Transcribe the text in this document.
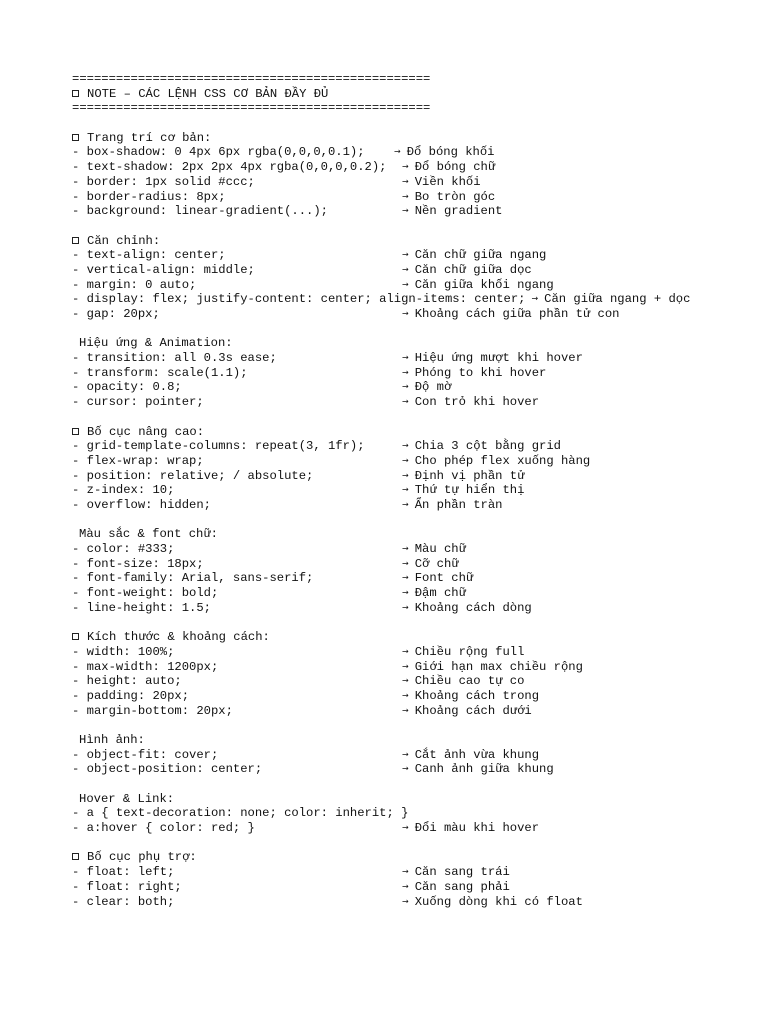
=================================================
NOTE – CÁC LỆNH CSS CƠ BẢN ĐẦY ĐỦ
=================================================
Trang trí cơ bản:
- box-shadow: 0 4px 6px rgba(0,0,0,0.1);	→ Đổ bóng khối
- text-shadow: 2px 2px 4px rgba(0,0,0,0.2); → Đổ bóng chữ
- border: 1px solid #ccc;	→ Viền khối
- border-radius: 8px;	→ Bo tròn góc
- background: linear-gradient(...);	→ Nền gradient
Căn chỉnh:
- text-align: center;	→ Căn chữ giữa ngang
- vertical-align: middle;	→ Căn chữ giữa dọc
- margin: 0 auto;	→ Căn giữa khối ngang
- display: flex; justify-content: center; align-items: center; → Căn giữa ngang + dọc
- gap: 20px;	→ Khoảng cách giữa phần tử con
Hiệu ứng & Animation:
- transition: all 0.3s ease;	→ Hiệu ứng mượt khi hover
- transform: scale(1.1);	→ Phóng to khi hover
- opacity: 0.8;	→ Độ mờ
- cursor: pointer;	→ Con trỏ khi hover
Bố cục nâng cao:
- grid-template-columns: repeat(3, 1fr);	→ Chia 3 cột bằng grid
- flex-wrap: wrap;	→ Cho phép flex xuống hàng
- position: relative; / absolute;	→ Định vị phần tử
- z-index: 10;	→ Thứ tự hiển thị
- overflow: hidden;	→ Ẩn phần tràn
Màu sắc & font chữ:
- color: #333;	→ Màu chữ
- font-size: 18px;	→ Cỡ chữ
- font-family: Arial, sans-serif;	→ Font chữ
- font-weight: bold;	→ Đậm chữ
- line-height: 1.5;	→ Khoảng cách dòng
Kích thước & khoảng cách:
- width: 100%;	→ Chiều rộng full
- max-width: 1200px;	→ Giới hạn max chiều rộng
- height: auto;	→ Chiều cao tự co
- padding: 20px;	→ Khoảng cách trong
- margin-bottom: 20px;	→ Khoảng cách dưới
Hình ảnh:
- object-fit: cover;	→ Cắt ảnh vừa khung
- object-position: center;	→ Canh ảnh giữa khung
Hover & Link:
- a { text-decoration: none; color: inherit; }
- a:hover { color: red; }	→ Đổi màu khi hover
Bố cục phụ trợ:
- float: left;	→ Căn sang trái
- float: right;	→ Căn sang phải
- clear: both;	→ Xuống dòng khi có float
